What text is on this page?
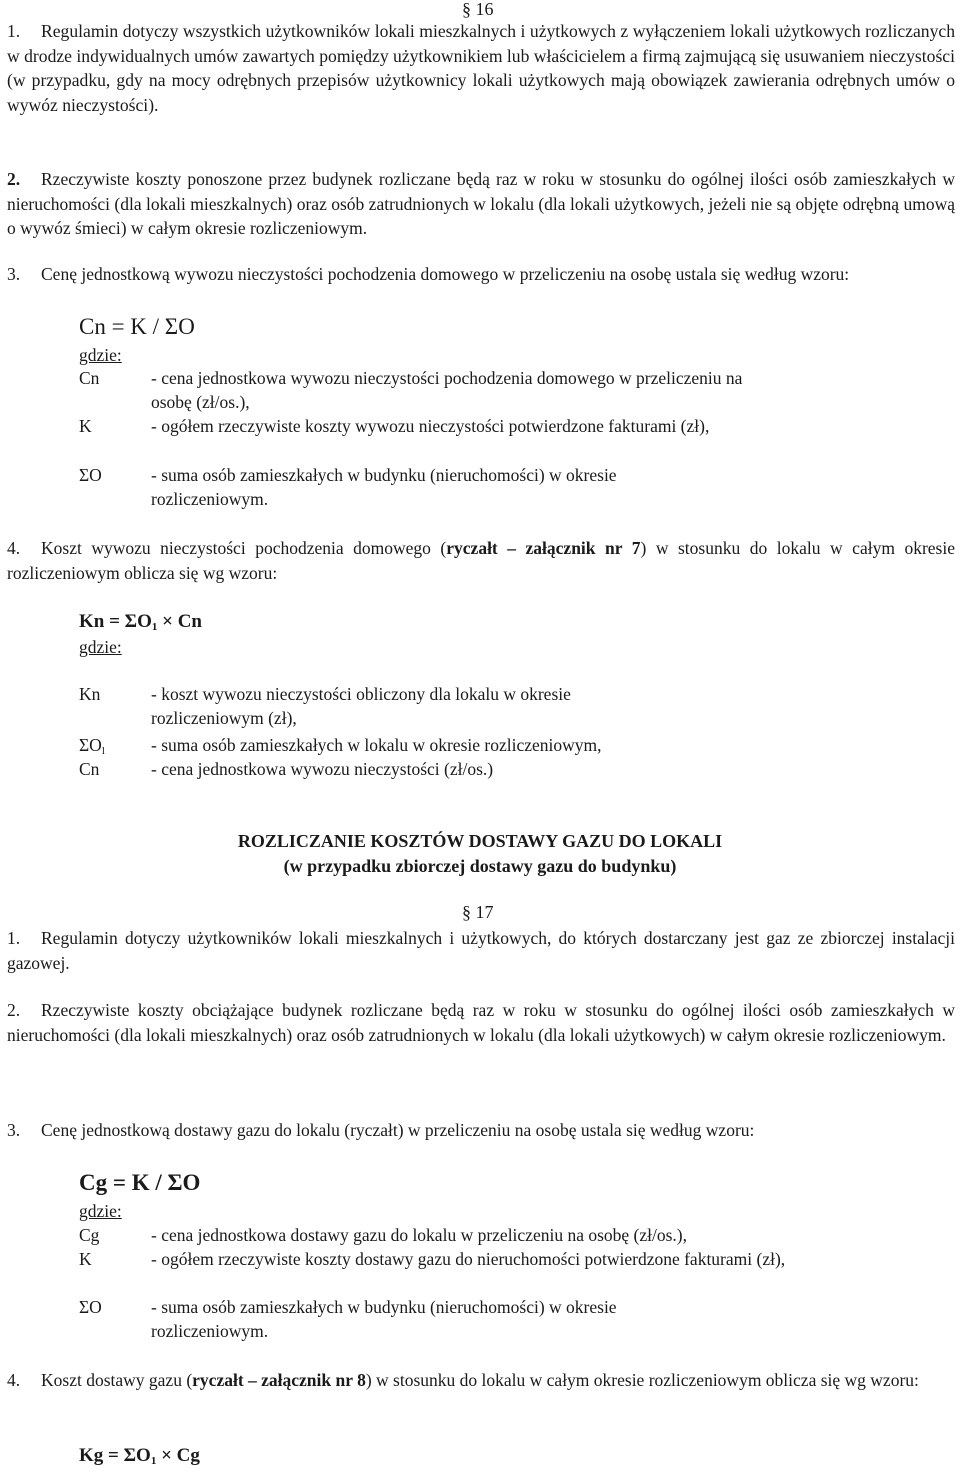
§ 16
1.	Regulamin dotyczy wszystkich użytkowników lokali mieszkalnych i użytkowych z wyłączeniem lokali użytkowych rozliczanych w drodze indywidualnych umów zawartych pomiędzy użytkownikiem lub właścicielem a firmą zajmującą się usuwaniem nieczystości (w przypadku, gdy na mocy odrębnych przepisów użytkownicy lokali użytkowych mają obowiązek zawierania odrębnych umów o wywóz nieczystości).

2.	Rzeczywiste koszty ponoszone przez budynek rozliczane będą raz w roku w stosunku do ogólnej ilości osób zamieszkałych w nieruchomości (dla lokali mieszkalnych) oraz osób zatrudnionych w lokalu (dla lokali użytkowych, jeżeli nie są objęte odrębną umową o wywóz śmieci) w całym okresie rozliczeniowym.

3.	Cenę jednostkową wywozu nieczystości pochodzenia domowego w przeliczeniu na osobę ustala się według wzoru:

Cn = K / ΣO
gdzie:
Cn	- cena jednostkowa wywozu nieczystości pochodzenia domowego w przeliczeniu na osobę (zł/os.),
K	- ogółem rzeczywiste koszty wywozu nieczystości potwierdzone fakturami (zł),
ΣO	- suma osób zamieszkałych w budynku (nieruchomości) w okresie rozliczeniowym.
4.	Koszt wywozu nieczystości pochodzenia domowego (ryczałt – załącznik nr 7) w stosunku do lokalu w całym okresie rozliczeniowym oblicza się wg wzoru:

$Kn = \Sigma O_1 \times Cn$
gdzie:
Kn	- koszt wywozu nieczystości obliczony dla lokalu w okresie rozliczeniowym (zł),
$\Sigma O_l$	- suma osób zamieszkałych w lokalu w okresie rozliczeniowym,
Cn	- cena jednostkowa wywozu nieczystości (zł/os.)
ROZLICZANIE KOSZTÓW DOSTAWY GAZU DO LOKALI
(w przypadku zbiorczej dostawy gazu do budynku)
§ 17
1.	Regulamin dotyczy użytkowników lokali mieszkalnych i użytkowych, do których dostarczany jest gaz ze zbiorczej instalacji gazowej.

2.	Rzeczywiste koszty obciążające budynek rozliczane będą raz w roku w stosunku do ogólnej ilości osób zamieszkałych w nieruchomości (dla lokali mieszkalnych) oraz osób zatrudnionych w lokalu (dla lokali użytkowych) w całym okresie rozliczeniowym.

3.	Cenę jednostkową dostawy gazu do lokalu (ryczałt) w przeliczeniu na osobę ustala się według wzoru:

Cg = K / ΣO
gdzie:
Cg	- cena jednostkowa dostawy gazu do lokalu w przeliczeniu na osobę (zł/os.),
K	- ogółem rzeczywiste koszty dostawy gazu do nieruchomości potwierdzone fakturami (zł),
ΣO	- suma osób zamieszkałych w budynku (nieruchomości) w okresie rozliczeniowym.
4. Koszt dostawy gazu (ryczałt – załącznik nr 8) w stosunku do lokalu w całym okresie rozliczeniowym oblicza się wg wzoru:

$Kg = \Sigma O_1 \times Cg$
